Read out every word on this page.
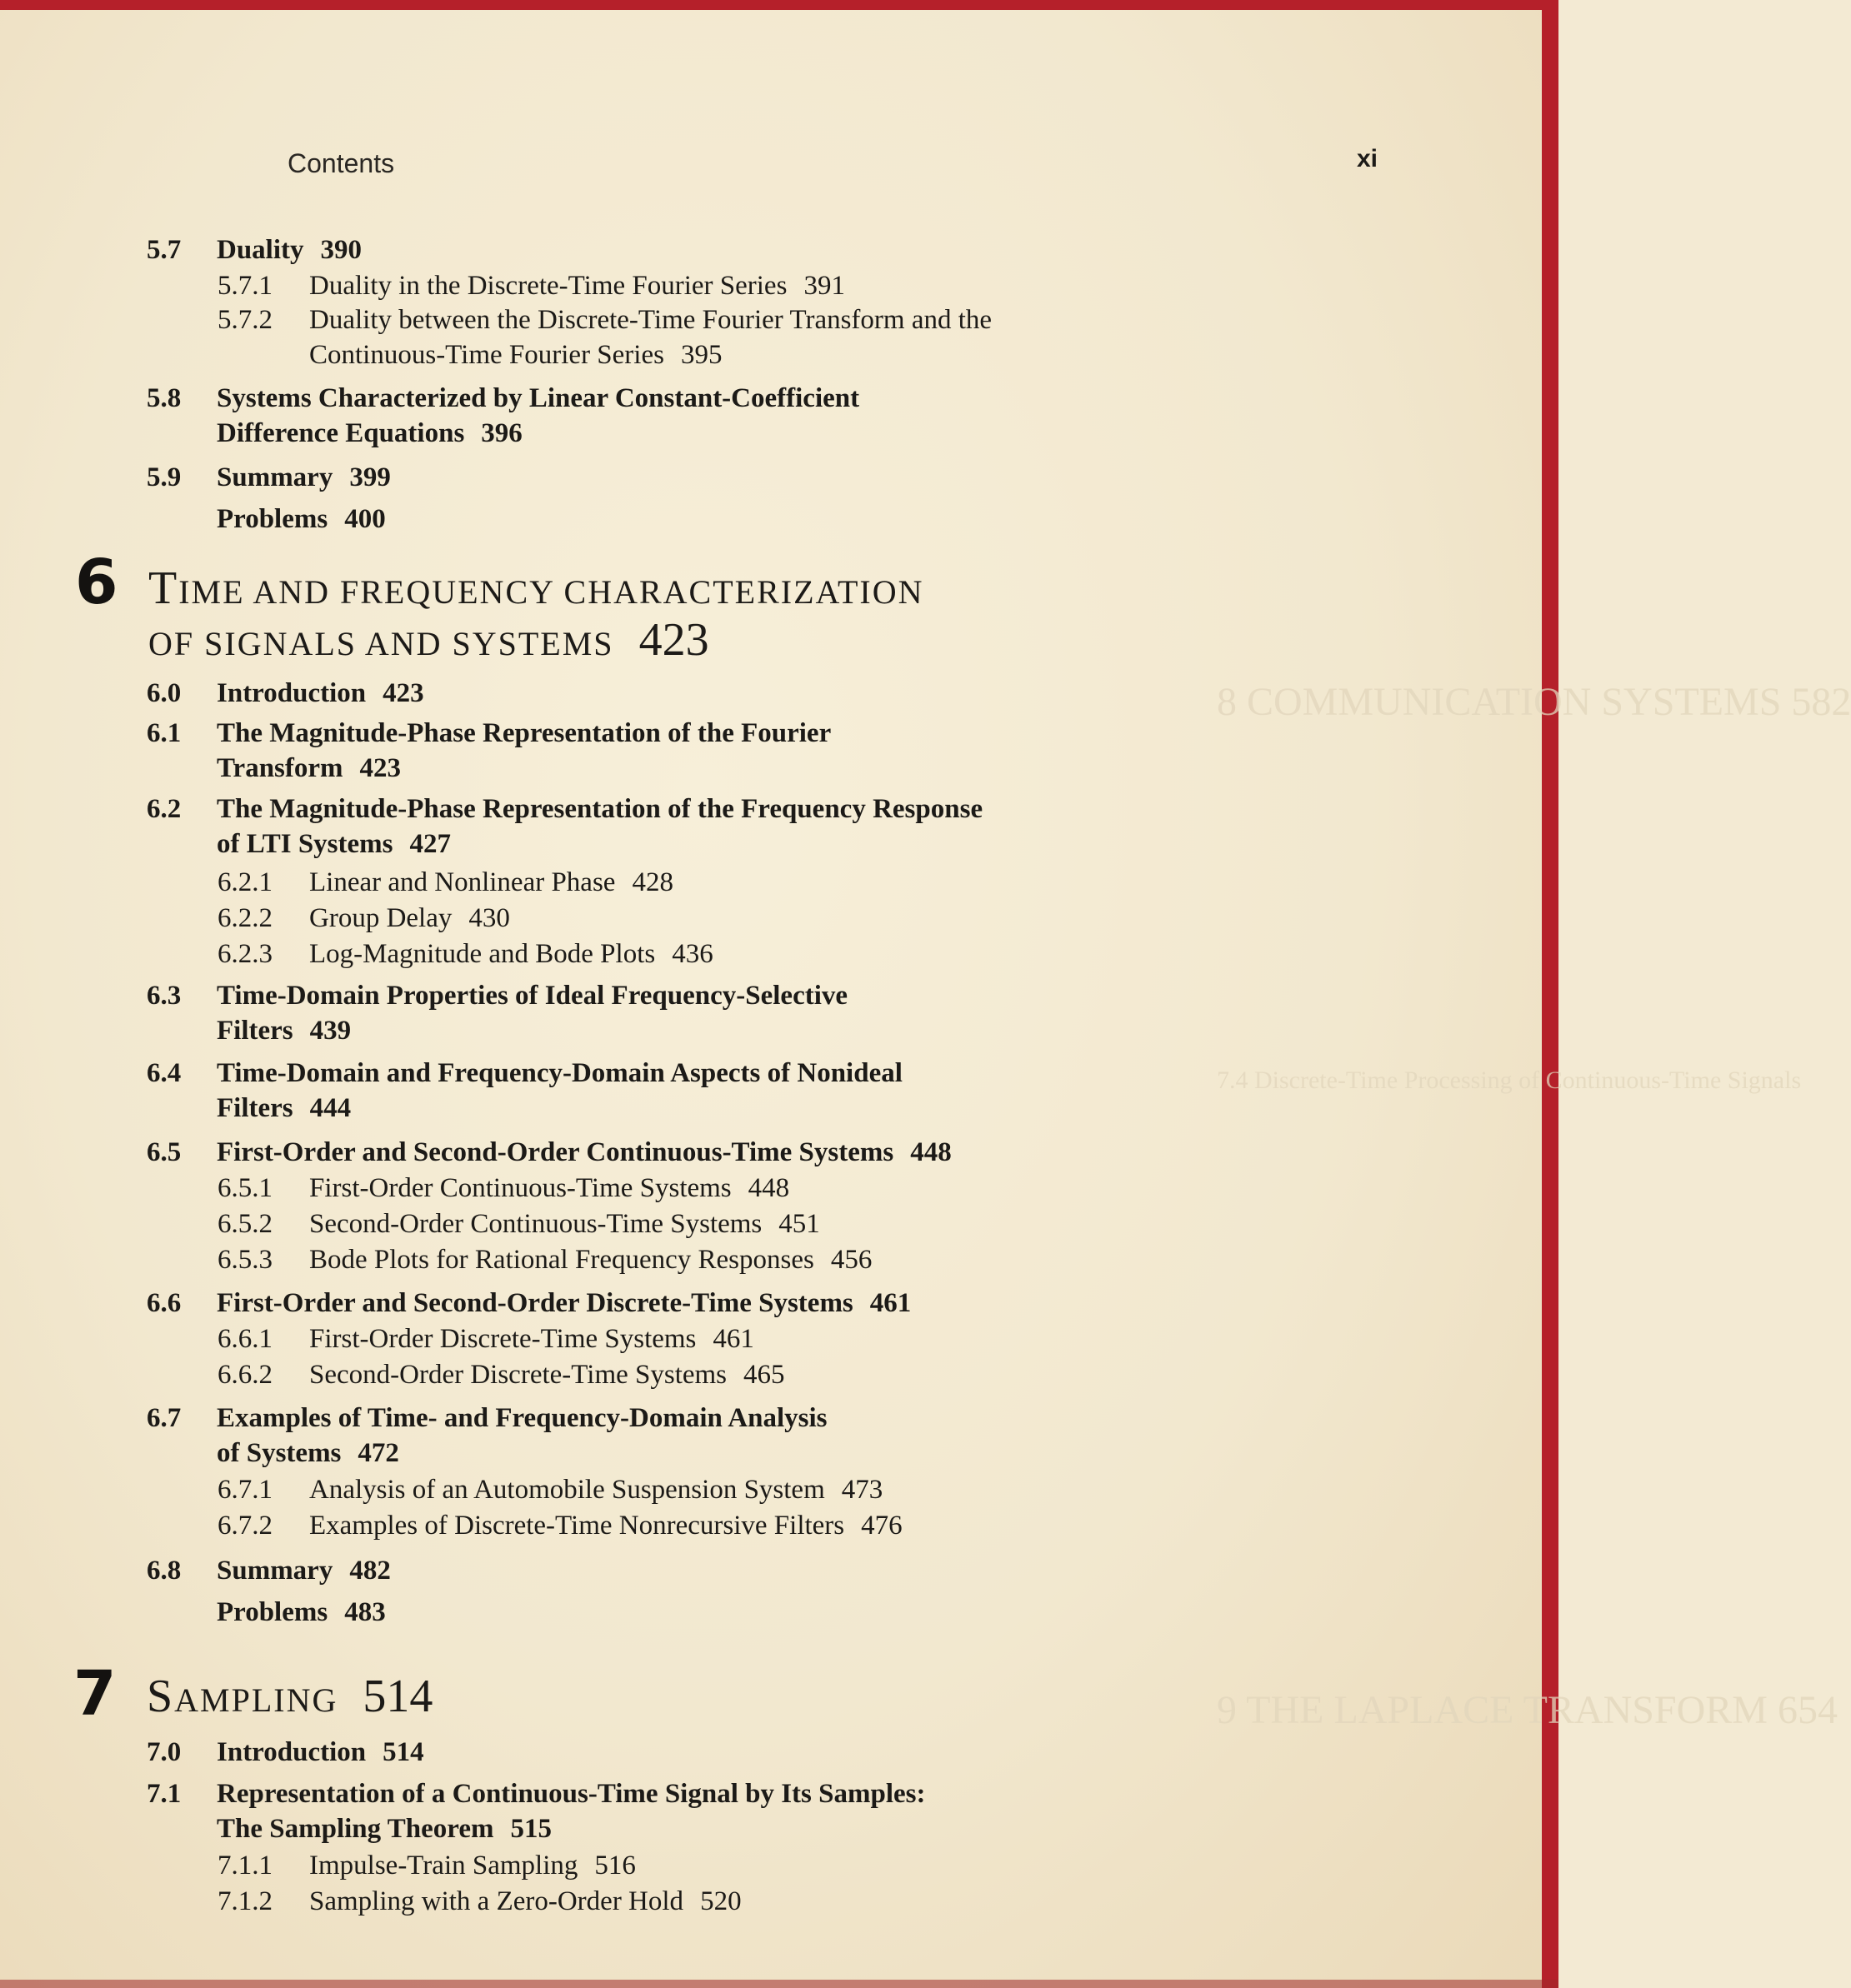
7.4 Discrete-Time Processing of Continuous-Time Signals
8 COMMUNICATION SYSTEMS 582
9 THE LAPLACE TRANSFORM 654
Contents	xi
5.7 Duality 390
5.7.1 Duality in the Discrete-Time Fourier Series 391
5.7.2 Duality between the Discrete-Time Fourier Transform and the
Continuous-Time Fourier Series 395
5.8 Systems Characterized by Linear Constant-Coefficient
Difference Equations 396
5.9 Summary 399
Problems 400
6 TIME AND FREQUENCY CHARACTERIZATION
OF SIGNALS AND SYSTEMS 423
6.0 Introduction 423
6.1 The Magnitude-Phase Representation of the Fourier
Transform 423
6.2 The Magnitude-Phase Representation of the Frequency Response
of LTI Systems 427
6.2.1 Linear and Nonlinear Phase 428
6.2.2 Group Delay 430
6.2.3 Log-Magnitude and Bode Plots 436
6.3 Time-Domain Properties of Ideal Frequency-Selective
Filters 439
6.4 Time-Domain and Frequency-Domain Aspects of Nonideal
Filters 444
6.5 First-Order and Second-Order Continuous-Time Systems 448
6.5.1 First-Order Continuous-Time Systems 448
6.5.2 Second-Order Continuous-Time Systems 451
6.5.3 Bode Plots for Rational Frequency Responses 456
6.6 First-Order and Second-Order Discrete-Time Systems 461
6.6.1 First-Order Discrete-Time Systems 461
6.6.2 Second-Order Discrete-Time Systems 465
6.7 Examples of Time- and Frequency-Domain Analysis
of Systems 472
6.7.1 Analysis of an Automobile Suspension System 473
6.7.2 Examples of Discrete-Time Nonrecursive Filters 476
6.8 Summary 482
Problems 483
7 SAMPLING 514
7.0 Introduction 514
7.1 Representation of a Continuous-Time Signal by Its Samples:
The Sampling Theorem 515
7.1.1 Impulse-Train Sampling 516
7.1.2 Sampling with a Zero-Order Hold 520
